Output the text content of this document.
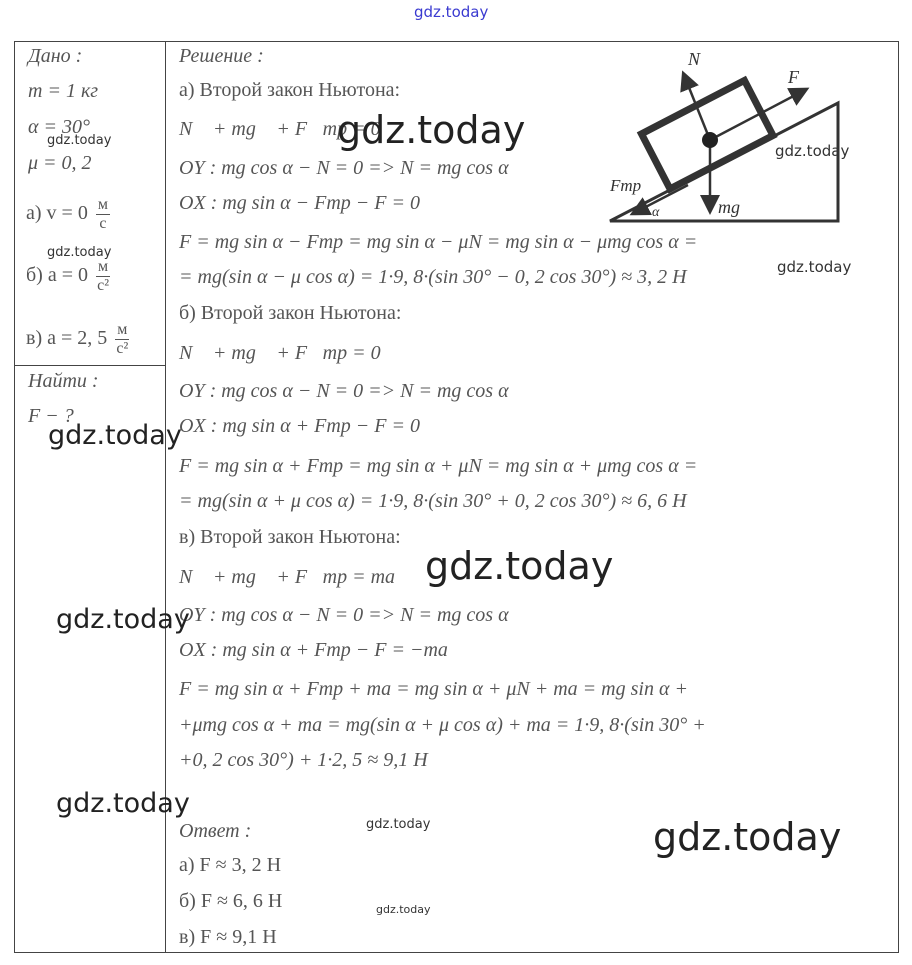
gdz.today
Дано :
m = 1 кг
α = 30°
μ = 0, 2
а) $v = 0 \frac{м}{с}$
б) $a = 0 \frac{м}{\text{с²}}$
в) a = 2, $5 \frac{м}{\text{с²}}$
Найти :
F − ?
Решение :
а) Второй закон Ньютона:
N⃗ + mg⃗ + F⃗тр = 0⃗
OY : mg cos α − N = 0 => N = mg cos α
OX : mg sin α − Fтр − F = 0
F = mg sin α − Fтр = mg sin α − μN = mg sin α − μmg cos α =
= mg(sin α − μ cos α) = 1·9, 8·(sin 30° − 0, 2 cos 30°) ≈ 3, 2 Н
б) Второй закон Ньютона:
N⃗ + mg⃗ + F⃗тр = 0⃗
OY : mg cos α − N = 0 => N = mg cos α
OX : mg sin α + Fтр − F = 0
F = mg sin α + Fтр = mg sin α + μN = mg sin α + μmg cos α =
= mg(sin α + μ cos α) = 1·9, 8·(sin 30° + 0, 2 cos 30°) ≈ 6, 6 Н
в) Второй закон Ньютона:
N⃗ + mg⃗ + F⃗тр = ma⃗
OY : mg cos α − N = 0 => N = mg cos α
OX : mg sin α + Fтр − F = −ma
F = mg sin α + Fтр + ma = mg sin α + μN + ma = mg sin α +
+μmg cos α + ma = mg(sin α + μ cos α) + ma = 1·9, 8·(sin 30° +
+0, 2 cos 30°) + 1·2, 5 ≈ 9,1 Н
Ответ :
а) F ≈ 3, 2 Н
б) F ≈ 6, 6 Н
в) F ≈ 9,1 Н
N
F
Fтр
mg
α
gdz.today
gdz.today
gdz.today	gdz.today
gdz.today
gdz.today
gdz.today
gdz.today
gdz.today
gdz.today	gdz.today
gdz.today
